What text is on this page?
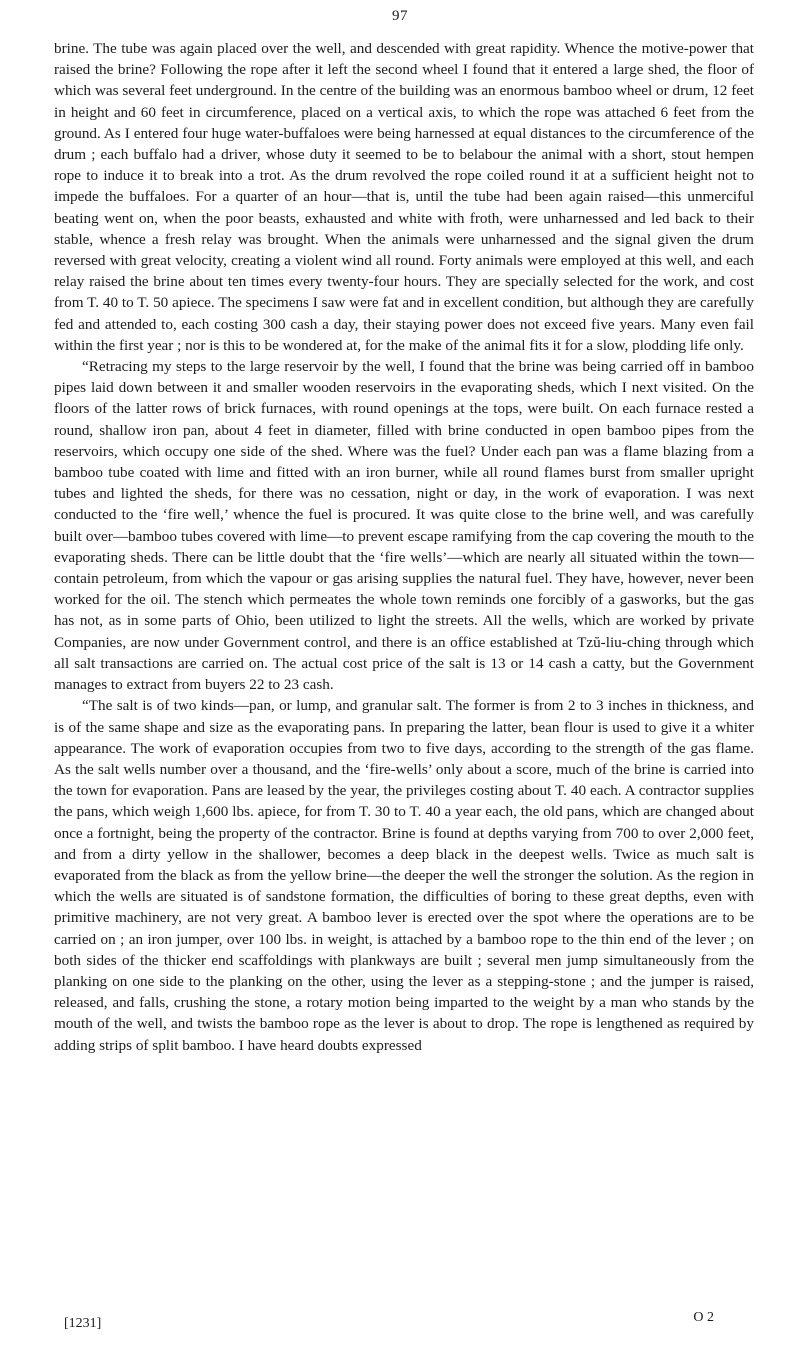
97

brine. The tube was again placed over the well, and descended with great rapidity. Whence the motive-power that raised the brine? Following the rope after it left the second wheel I found that it entered a large shed, the floor of which was several feet underground. In the centre of the building was an enormous bamboo wheel or drum, 12 feet in height and 60 feet in circumference, placed on a vertical axis, to which the rope was attached 6 feet from the ground. As I entered four huge water-buffaloes were being harnessed at equal distances to the circumference of the drum ; each buffalo had a driver, whose duty it seemed to be to belabour the animal with a short, stout hempen rope to induce it to break into a trot. As the drum revolved the rope coiled round it at a sufficient height not to impede the buffaloes. For a quarter of an hour—that is, until the tube had been again raised—this unmerciful beating went on, when the poor beasts, exhausted and white with froth, were unharnessed and led back to their stable, whence a fresh relay was brought. When the animals were unharnessed and the signal given the drum reversed with great velocity, creating a violent wind all round. Forty animals were employed at this well, and each relay raised the brine about ten times every twenty-four hours. They are specially selected for the work, and cost from T. 40 to T. 50 apiece. The specimens I saw were fat and in excellent condition, but although they are carefully fed and attended to, each costing 300 cash a day, their staying power does not exceed five years. Many even fail within the first year ; nor is this to be wondered at, for the make of the animal fits it for a slow, plodding life only.

“Retracing my steps to the large reservoir by the well, I found that the brine was being carried off in bamboo pipes laid down between it and smaller wooden reservoirs in the evaporating sheds, which I next visited. On the floors of the latter rows of brick furnaces, with round openings at the tops, were built. On each furnace rested a round, shallow iron pan, about 4 feet in diameter, filled with brine conducted in open bamboo pipes from the reservoirs, which occupy one side of the shed. Where was the fuel? Under each pan was a flame blazing from a bamboo tube coated with lime and fitted with an iron burner, while all round flames burst from smaller upright tubes and lighted the sheds, for there was no cessation, night or day, in the work of evaporation. I was next conducted to the ‘fire well,’ whence the fuel is procured. It was quite close to the brine well, and was carefully built over—bamboo tubes covered with lime—to prevent escape ramifying from the cap covering the mouth to the evaporating sheds. There can be little doubt that the ‘fire wells’—which are nearly all situated within the town—contain petroleum, from which the vapour or gas arising supplies the natural fuel. They have, however, never been worked for the oil. The stench which permeates the whole town reminds one forcibly of a gasworks, but the gas has not, as in some parts of Ohio, been utilized to light the streets. All the wells, which are worked by private Companies, are now under Government control, and there is an office established at Tzŭ-liu-ching through which all salt transactions are carried on. The actual cost price of the salt is 13 or 14 cash a catty, but the Government manages to extract from buyers 22 to 23 cash.

“The salt is of two kinds—pan, or lump, and granular salt. The former is from 2 to 3 inches in thickness, and is of the same shape and size as the evaporating pans. In preparing the latter, bean flour is used to give it a whiter appearance. The work of evaporation occupies from two to five days, according to the strength of the gas flame. As the salt wells number over a thousand, and the ‘fire-wells’ only about a score, much of the brine is carried into the town for evaporation. Pans are leased by the year, the privileges costing about T. 40 each. A contractor supplies the pans, which weigh 1,600 lbs. apiece, for from T. 30 to T. 40 a year each, the old pans, which are changed about once a fortnight, being the property of the contractor. Brine is found at depths varying from 700 to over 2,000 feet, and from a dirty yellow in the shallower, becomes a deep black in the deepest wells. Twice as much salt is evaporated from the black as from the yellow brine—the deeper the well the stronger the solution. As the region in which the wells are situated is of sandstone formation, the difficulties of boring to these great depths, even with primitive machinery, are not very great. A bamboo lever is erected over the spot where the operations are to be carried on ; an iron jumper, over 100 lbs. in weight, is attached by a bamboo rope to the thin end of the lever ; on both sides of the thicker end scaffoldings with plankways are built ; several men jump simultaneously from the planking on one side to the planking on the other, using the lever as a stepping-stone ; and the jumper is raised, released, and falls, crushing the stone, a rotary motion being imparted to the weight by a man who stands by the mouth of the well, and twists the bamboo rope as the lever is about to drop. The rope is lengthened as required by adding strips of split bamboo. I have heard doubts expressed

[1231]	O 2
